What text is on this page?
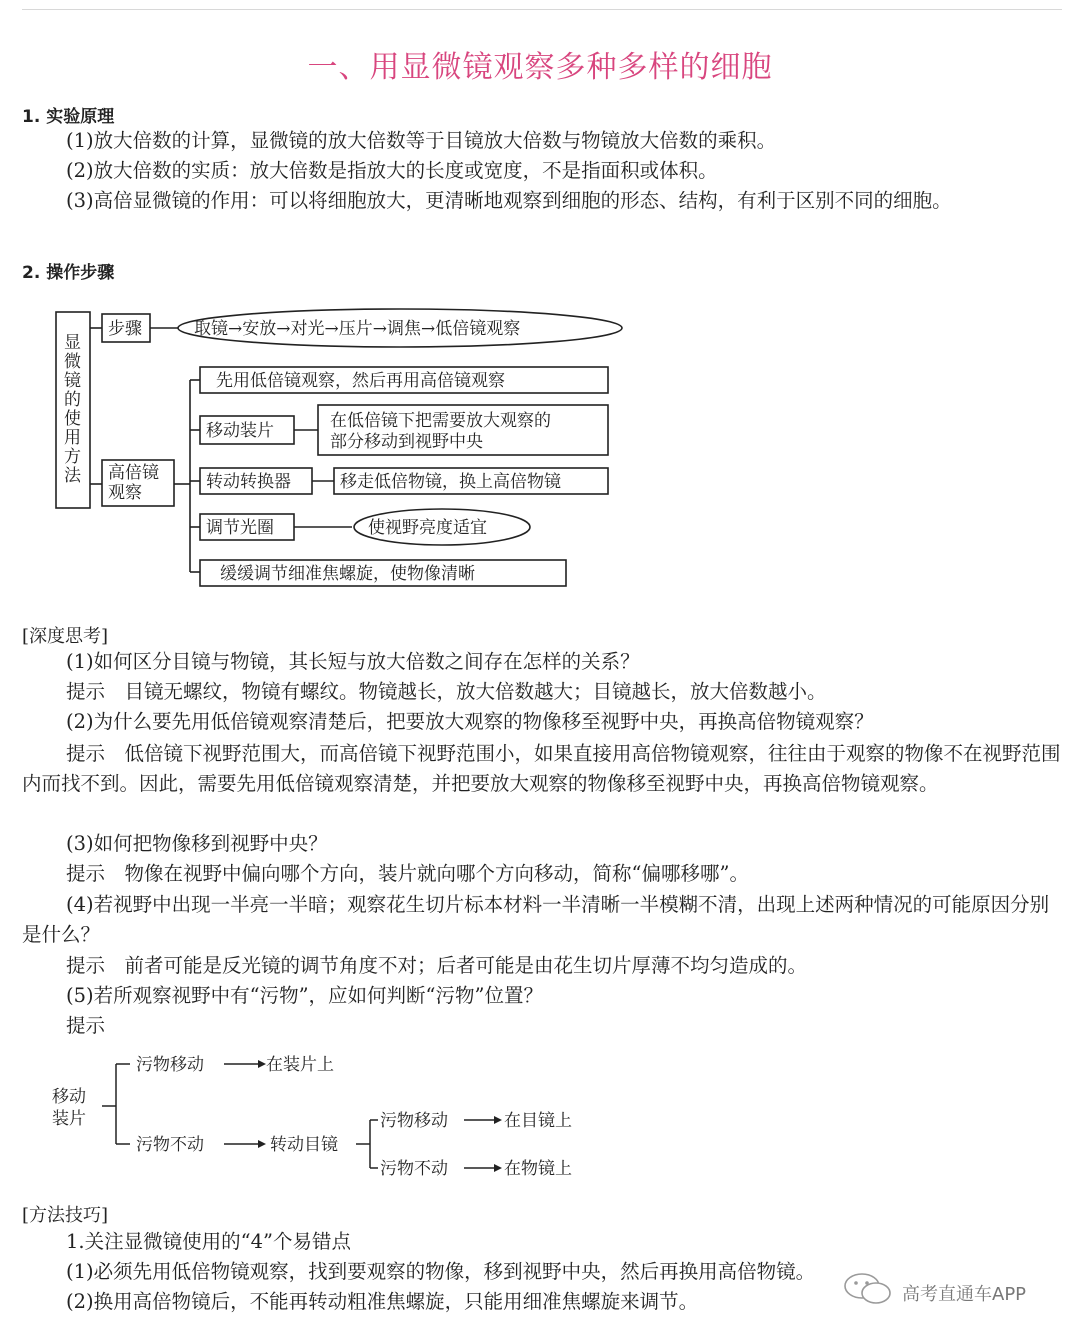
一、用显微镜观察多种多样的细胞
1. 实验原理

(1)放大倍数的计算，显微镜的放大倍数等于目镜放大倍数与物镜放大倍数的乘积。

(2)放大倍数的实质：放大倍数是指放大的长度或宽度，不是指面积或体积。

(3)高倍显微镜的作用：可以将细胞放大，更清晰地观察到细胞的形态、结构，有利于区别不同的细胞。

2. 操作步骤
显微镜的使用方法
步骤	取镜→安放→对光→压片→调焦→低倍镜观察
高倍镜
观察
先用低倍镜观察，然后再用高倍镜观察
移动装片	在低倍镜下把需要放大观察的
部分移动到视野中央
转动转换器	移走低倍物镜，换上高倍物镜
调节光圈	使视野亮度适宜
缓缓调节细准焦螺旋，使物像清晰
[深度思考]

(1)如何区分目镜与物镜，其长短与放大倍数之间存在怎样的关系？

提示　目镜无螺纹，物镜有螺纹。物镜越长，放大倍数越大；目镜越长，放大倍数越小。

(2)为什么要先用低倍镜观察清楚后，把要放大观察的物像移至视野中央，再换高倍物镜观察？

提示　低倍镜下视野范围大，而高倍镜下视野范围小，如果直接用高倍物镜观察，往往由于观察的物像不在视野范围内而找不到。因此，需要先用低倍镜观察清楚，并把要放大观察的物像移至视野中央，再换高倍物镜观察。

(3)如何把物像移到视野中央？

提示　物像在视野中偏向哪个方向，装片就向哪个方向移动，简称“偏哪移哪”。

(4)若视野中出现一半亮一半暗；观察花生切片标本材料一半清晰一半模糊不清，出现上述两种情况的可能原因分别是什么？

提示　前者可能是反光镜的调节角度不对；后者可能是由花生切片厚薄不均匀造成的。

(5)若所观察视野中有“污物”，应如何判断“污物”位置？

提示

移动
装片
污物移动	在装片上
污物不动	转动目镜
污物移动	在目镜上
污物不动	在物镜上
[方法技巧]

1.关注显微镜使用的“4”个易错点

(1)必须先用低倍物镜观察，找到要观察的物像，移到视野中央，然后再换用高倍物镜。

(2)换用高倍物镜后，不能再转动粗准焦螺旋，只能用细准焦螺旋来调节。	高考直通车APP
